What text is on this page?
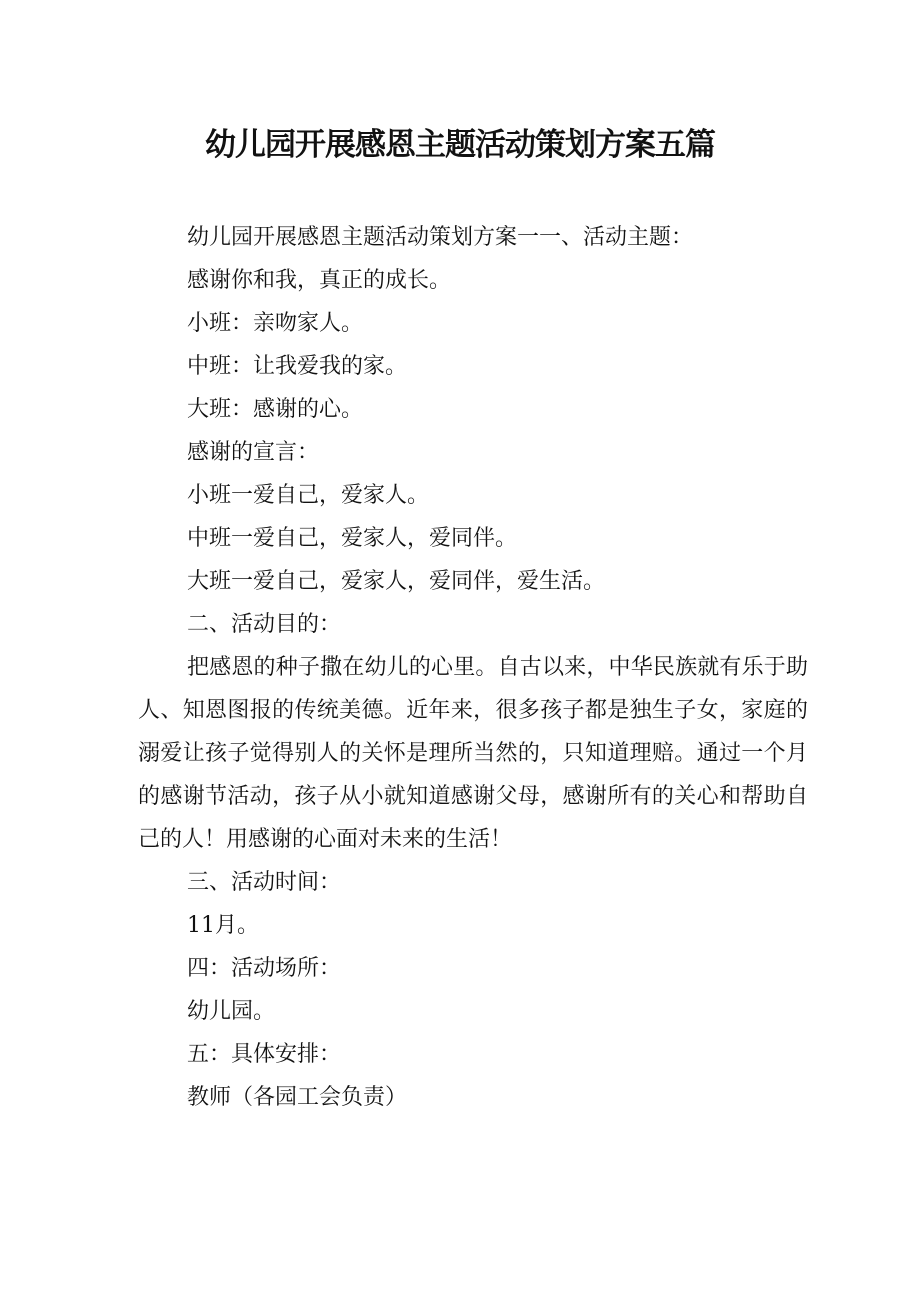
幼儿园开展感恩主题活动策划方案五篇

幼儿园开展感恩主题活动策划方案一一、活动主题：

感谢你和我，真正的成长。

小班：亲吻家人。

中班：让我爱我的家。

大班：感谢的心。

感谢的宣言：

小班一爱自己，爱家人。

中班一爱自己，爱家人，爱同伴。

大班一爱自己，爱家人，爱同伴，爱生活。

二、活动目的：

把感恩的种子撒在幼儿的心里。自古以来，中华民族就有乐于助人、知恩图报的传统美德。近年来，很多孩子都是独生子女，家庭的溺爱让孩子觉得别人的关怀是理所当然的，只知道理赔。通过一个月的感谢节活动，孩子从小就知道感谢父母，感谢所有的关心和帮助自己的人！用感谢的心面对未来的生活！

三、活动时间：

11月。

四：活动场所：

幼儿园。

五：具体安排：

教师（各园工会负责）
